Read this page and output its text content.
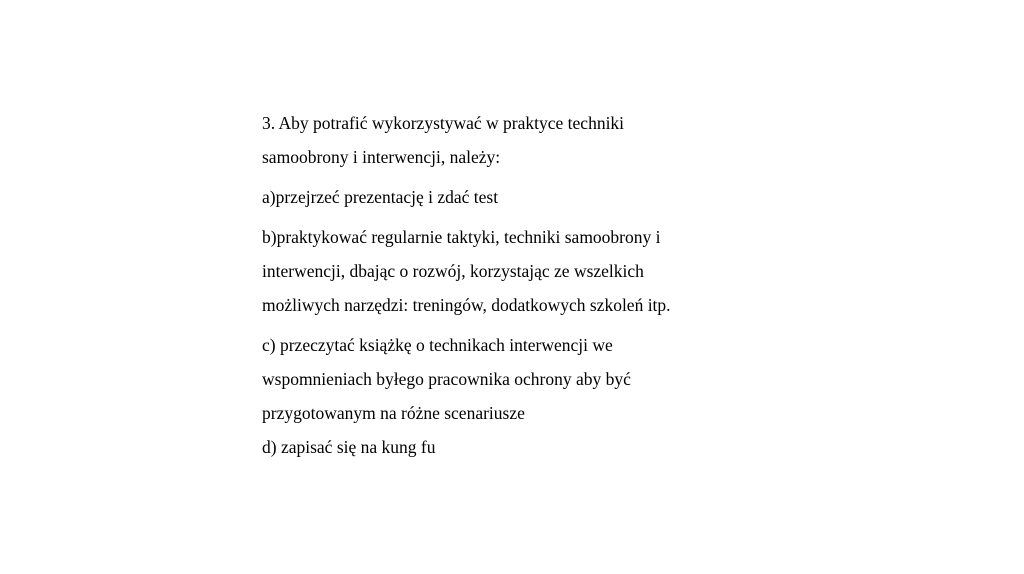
3. Aby potrafić wykorzystywać w praktyce techniki
samoobrony i interwencji, należy:
a)przejrzeć prezentację i zdać test
b)praktykować regularnie taktyki, techniki samoobrony i
interwencji, dbając o rozwój, korzystając ze wszelkich
możliwych narzędzi: treningów, dodatkowych szkoleń itp.
c) przeczytać książkę o technikach interwencji we
wspomnieniach byłego pracownika ochrony aby być
przygotowanym na różne scenariusze
d) zapisać się na kung fu
